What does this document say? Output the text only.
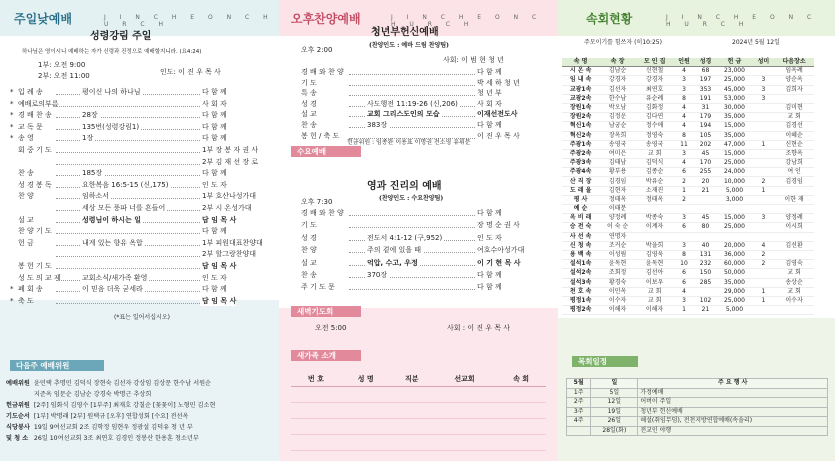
주일낮예배	J I N C H E O N C H U R C H
성령강림 주일
하나님은 영이시니 예배하는 자가 신령과 진정으로 예배할지니라. (요4:24)
1부: 오전 9:00
2부: 오전 11:00	인도: 이 진 우 목 사
* 입 례 송	평이신 나의 하나님	다 함 께
* 예배로의부름	사 회 자
* 경 배 찬 송	28장	다 함 께
* 교 독 문	135번(성령강림1)	다 함 께
* 송 영	1장	다 함 께
회 중 기 도	1부 장 봉 자 권 사
2부 김 재 선 장 로
찬 송	185장	다 함 께
성 경 봉 독	요한복음 16:5-15 (신,175)	인 도 자
찬 양	임하소서	1부 호산나성가대
세상 모든 풍파 너를 흔들어	2부 시 온성가대
설 교	성령님이 하시는 일	담 임 목 사
찬 양 기 도	다 함 께
헌 금	내게 있는 향유 옥합	1부 피원대표찬양대
2부 할그랑찬양대
봉 헌 기 도	담 임 목 사
성 도 의 교 제	교회소식/새가족 환영	인 도 자
* 폐 회 송	이 믿음 더욱 굳세라	다 함 께
* 축 도	담 임 목 사
(*표는 일어서십시오)
다음주 예배위원
예배위원	윤민택 추명민 김덕식 장현숙 김선자 강상임 김상문 한수남 서원순
	지준옥 임문순 김남순 강경숙 박명근 추상희
헌금위원	[2주] 임화식 김영수 [1부주] 최재호 강칠순 [꽃꽃이] 노형민 김소현
기도순서	[1부] 박명래 [2부] 원택규 [오후] 연합성회 [수요] 전선옥
식당봉사	19일 9여선교회 2조 김학정 임현우 정광설 김덕유 청 년 부
및 청 소	26일 10여선교회 3조 최연호 김경인 정봉산 한용훈 청소년부
오후찬양예배	J I N C H E O N C H U R C H
청년부헌신예배
(찬양인도 : 예바 드림 찬양팀)
오후 2:00
사회: 이 범 현 청 년
경 배 와 찬 양	다 함 께
기 도	박 세 하 청 년
특 송	청 년 부
성 경	사도행전 11:19-26 (신,206)	사 회 자
설 교	교회 그리스도인의 모습	이재선전도사
찬 송	383장	다 함 께
봉 헌 / 축 도	이 진 우 목 사
헌금위원 : 임종완 이용표 이명권 전소영 유휘문
수요예배
영과 진리의 예배
(찬양인도 : 수요찬양팀)
오후 7:30
경 배 와 찬 양	다 함 께
기 도	장 명 순 권 사
성 경	전도서 4:1-12 (구,952)	인 도 자
찬 양	주의 곁에 있을 때	여호수아성가대
설 교	억압, 수고, 우정	이 기 현 목 사
찬 송	370장	다 함 께
주 기 도 문	다 함 께
새벽기도회
오전 5:00	사회 : 이 진 우 목 사
새가족 소개
번 호	성 명	직분	선교회	속 회

속회현황	J I N C H E O N C H U R C H
주모이기를 힘쓰자 (히10:25)	2024년 5월 12일
속 명	속 장	모 인 집	인원	성경	헌 금	성미	다음장소
시 온 속	김남순	신현철	4	68	23,000		임옥례
임 내 속	강경자	강경자	3	197	25,000	3	양순옥
교광1속	김선자	최연호	3	353	45,000	3	김희자
교광2속	한수남	유순례	8	191	53,000	3	
장원1속	박오남	김화정	4	31	30,000		김미현
장원2속	김정운	김다연	4	179	35,000		교 회
혁신1속	남궁순	정수애	4	194	15,000		김경선
혁신2속	장옥희	정영숙	8	105	35,000		이혜순
주광1속	송영국	송영국	11	202	47,000	1	신현순
주광2속	여미은	교 회	3	45	15,000		조향옥
주광3속	김태남	김덕식	4	170	25,000		강남희
주광4속	황부용	김종순	6	255	24,000		여 인
산 직 장	김경임	박유순	2	20	10,000	2	김경임
도 래 울	김현자	소재진	1	21	5,000	1	
평 사	정태옥	정태옥	2		3,000		이한 재
예 순	이태문						
옥 비 래	양정례	박종숙	3	45	15,000	3	양정례
승 전 숙	이 숙 순	이계자	6	80	25,000		이시희
사 선 속	연명자						
신 청 속	조커순	박을희	3	40	20,000	4	김선환
용 백 속	이성림	김영욱	8	131	36,000	2	
설석1속	윤독현	윤독현	10	232	60,000	2	김영숙
설석2속	조회정	김선아	6	150	50,000		교 회
설석3속	황경숙	이보우	6	285	35,000		송상순
천 호 속	이민옥	교 회	4		29,000	1	교 회
평정1속	이수자	교 회	3	102	25,000	1	이수자
평정2속	이해자	이해자	1	21	5,000		
목회일정
5월	일	주 요 행 사
1주	5일	가정예배
2주	12일	어버이 주일
3주	19일	청년부 헌신예배
4주	26일	해설(취임무덤), 전천지방연합예배(속솔리)
	28일(화)	전교인 야행
